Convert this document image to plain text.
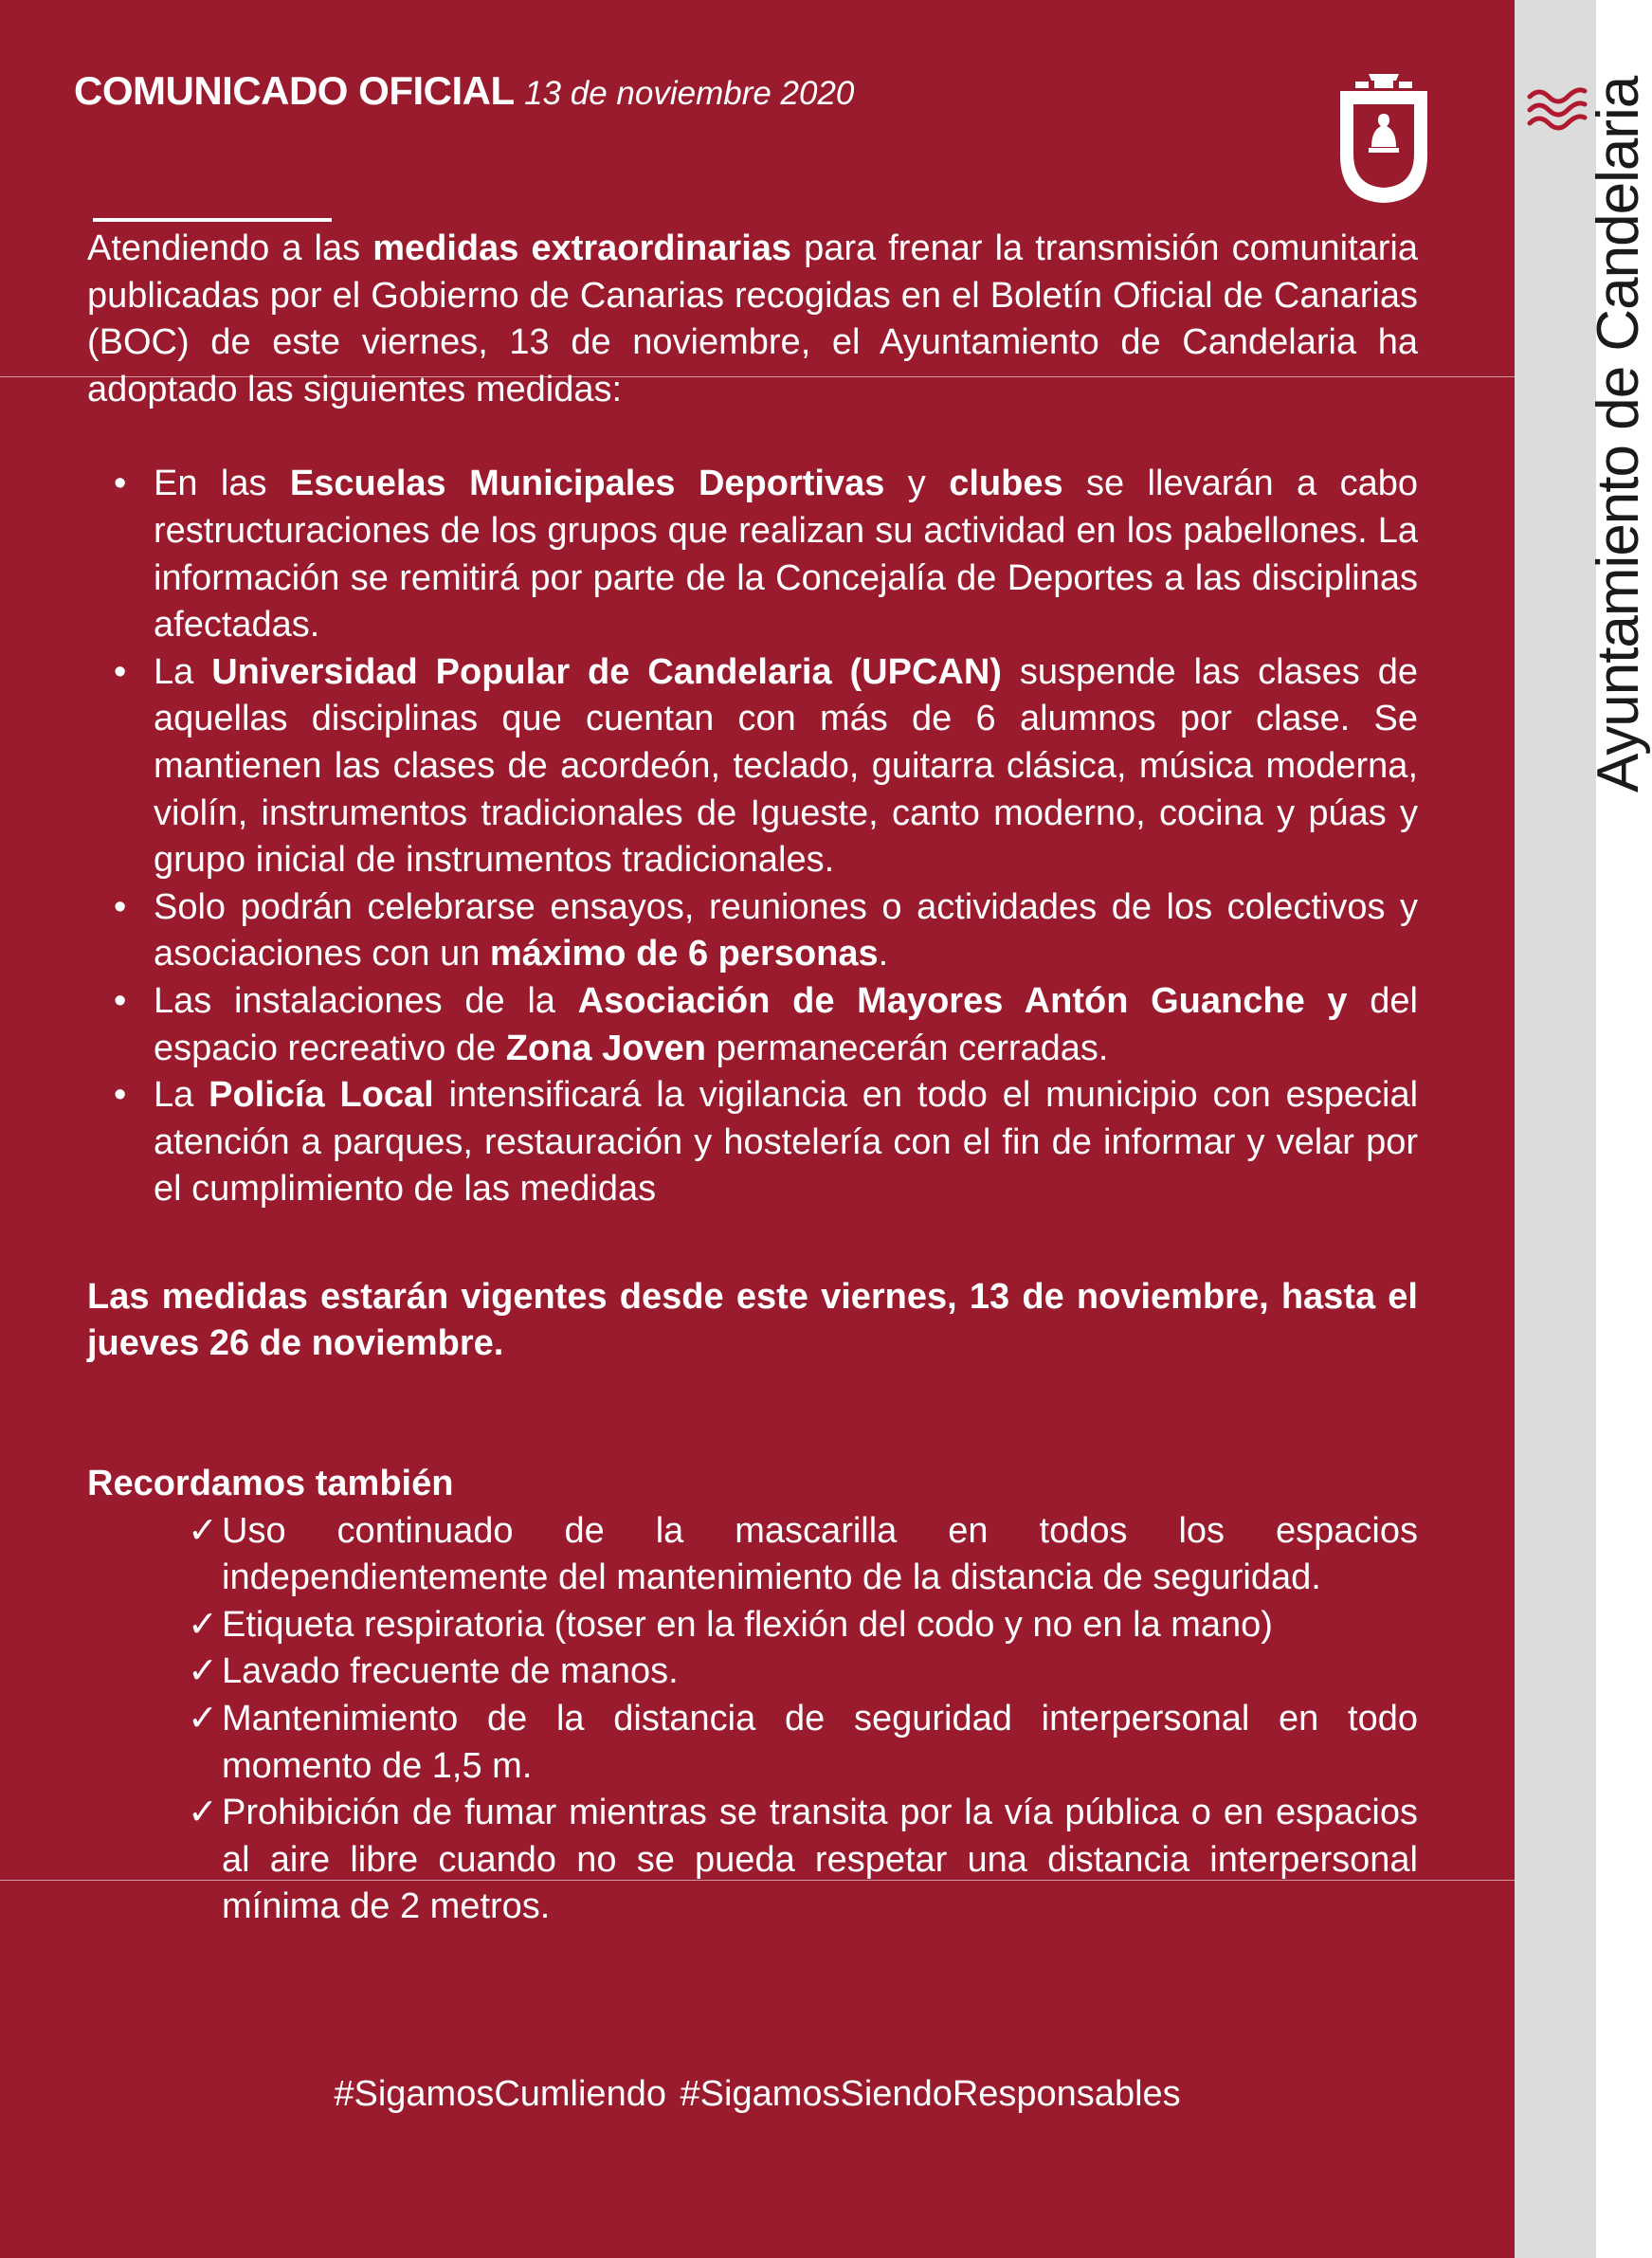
COMUNICADO OFICIAL 13 de noviembre 2020

Atendiendo a las medidas extraordinarias para frenar la transmisión comunitaria publicadas por el Gobierno de Canarias recogidas en el Boletín Oficial de Canarias (BOC) de este viernes, 13 de noviembre, el Ayuntamiento de Candelaria ha adoptado las siguientes medidas:

• En las Escuelas Municipales Deportivas y clubes se llevarán a cabo restructuraciones de los grupos que realizan su actividad en los pabellones. La información se remitirá por parte de la Concejalía de Deportes a las disciplinas afectadas.
• La Universidad Popular de Candelaria (UPCAN) suspende las clases de aquellas disciplinas que cuentan con más de 6 alumnos por clase. Se mantienen las clases de acordeón, teclado, guitarra clásica, música moderna, violín, instrumentos tradicionales de Igueste, canto moderno, cocina y púas y grupo inicial de instrumentos tradicionales.
• Solo podrán celebrarse ensayos, reuniones o actividades de los colectivos y asociaciones con un máximo de 6 personas.
• Las instalaciones de la Asociación de Mayores Antón Guanche y del espacio recreativo de Zona Joven permanecerán cerradas.
• La Policía Local intensificará la vigilancia en todo el municipio con especial atención a parques, restauración y hostelería con el fin de informar y velar por el cumplimiento de las medidas

Las medidas estarán vigentes desde este viernes, 13 de noviembre, hasta el jueves 26 de noviembre.

Recordamos también
✓ Uso continuado de la mascarilla en todos los espacios independientemente del mantenimiento de la distancia de seguridad.
✓ Etiqueta respiratoria (toser en la flexión del codo y no en la mano)
✓ Lavado frecuente de manos.
✓ Mantenimiento de la distancia de seguridad interpersonal en todo momento de 1,5 m.
✓ Prohibición de fumar mientras se transita por la vía pública o en espacios al aire libre cuando no se pueda respetar una distancia interpersonal mínima de 2 metros.
#SigamosCumliendo #SigamosSiendoResponsables
Ayuntamiento de Candelaria
